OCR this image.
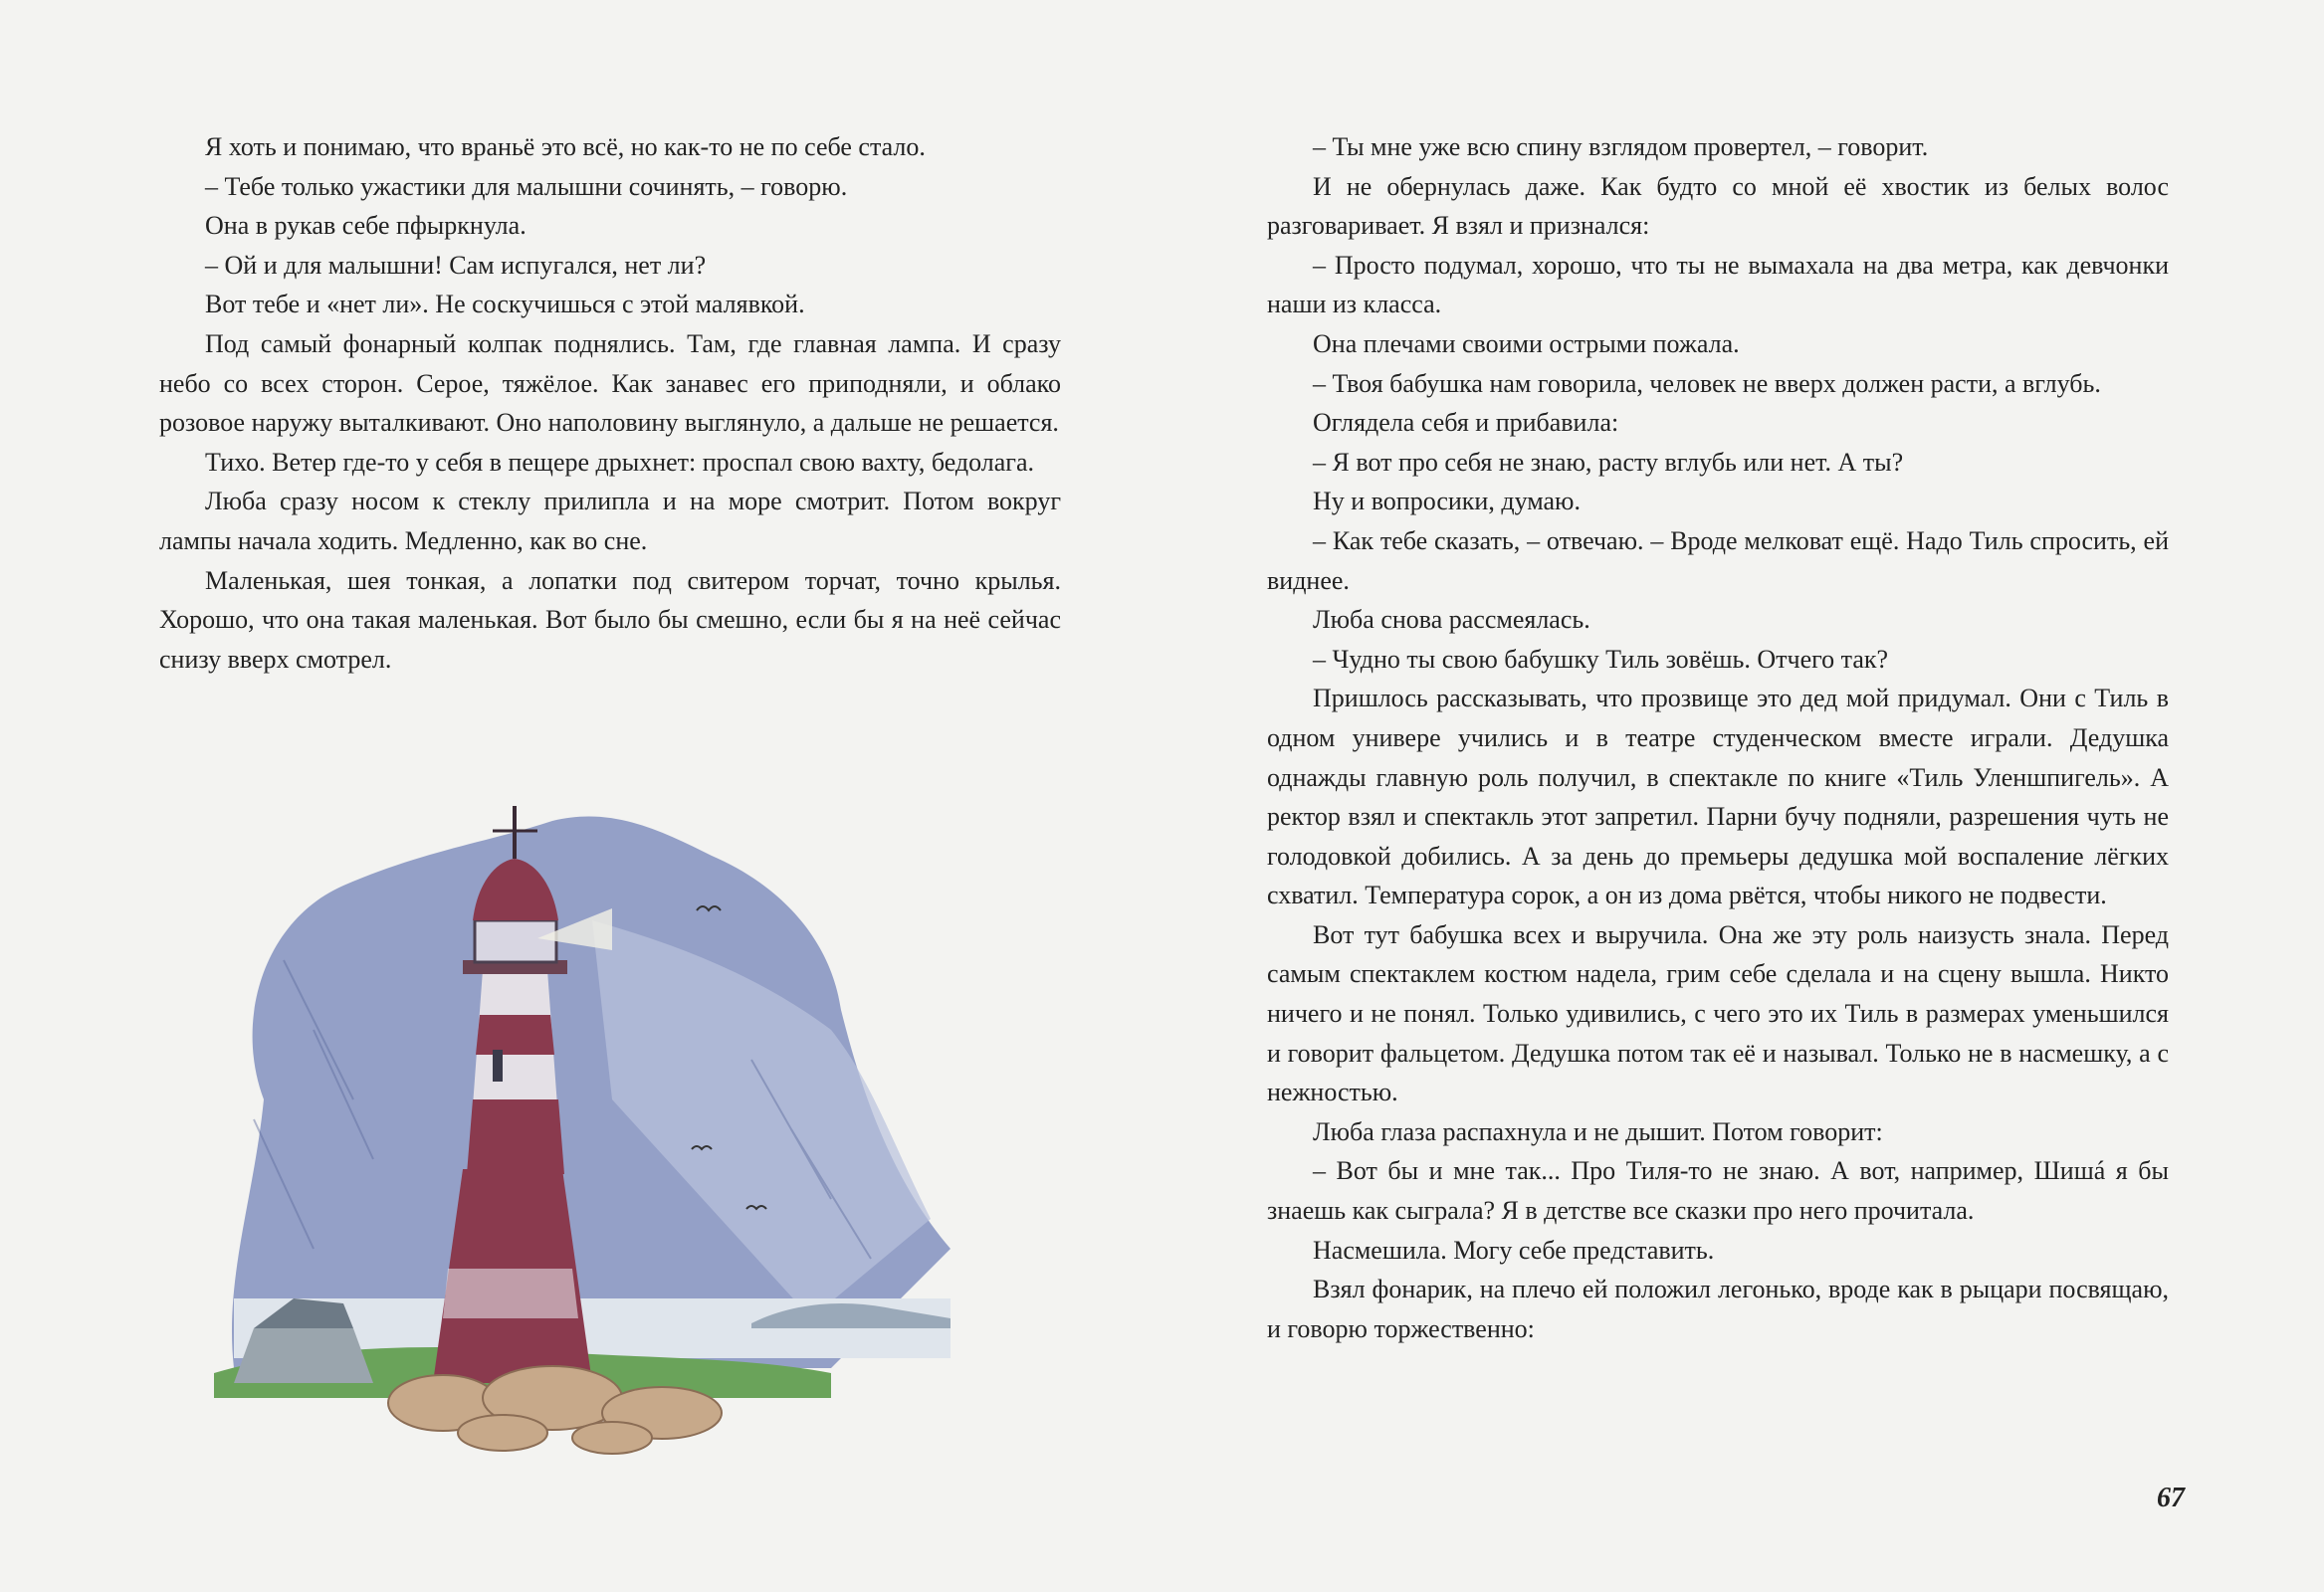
Я хоть и понимаю, что враньё это всё, но как-то не по себе стало.

– Тебе только ужастики для малышни сочинять, – говорю.

Она в рукав себе пфыркнула.

– Ой и для малышни! Сам испугался, нет ли?

Вот тебе и «нет ли». Не соскучишься с этой малявкой.

Под самый фонарный колпак поднялись. Там, где главная лампа. И сразу небо со всех сторон. Серое, тяжёлое. Как занавес его приподняли, и облако розовое наружу выталкивают. Оно наполовину выглянуло, а дальше не решается.

Тихо. Ветер где-то у себя в пещере дрыхнет: проспал свою вахту, бедолага.

Люба сразу носом к стеклу прилипла и на море смотрит. Потом вокруг лампы начала ходить. Медленно, как во сне.

Маленькая, шея тонкая, а лопатки под свитером торчат, точно крылья. Хорошо, что она такая маленькая. Вот было бы смешно, если бы я на неё сейчас снизу вверх смотрел.

– Ты мне уже всю спину взглядом провертел, – говорит.

И не обернулась даже. Как будто со мной её хвостик из белых волос разговаривает. Я взял и признался:

– Просто подумал, хорошо, что ты не вымахала на два метра, как девчонки наши из класса.

Она плечами своими острыми пожала.

– Твоя бабушка нам говорила, человек не вверх должен расти, а вглубь.

Оглядела себя и прибавила:

– Я вот про себя не знаю, расту вглубь или нет. А ты?

Ну и вопросики, думаю.

– Как тебе сказать, – отвечаю. – Вроде мелковат ещё. Надо Тиль спросить, ей виднее.

Люба снова рассмеялась.

– Чудно ты свою бабушку Тиль зовёшь. Отчего так?

Пришлось рассказывать, что прозвище это дед мой придумал. Они с Тиль в одном универе учились и в театре студенческом вместе играли. Дедушка однажды главную роль получил, в спектакле по книге «Тиль Уленшпигель». А ректор взял и спектакль этот запретил. Парни бучу подняли, разрешения чуть не голодовкой добились. А за день до премьеры дедушка мой воспаление лёгких схватил. Температура сорок, а он из дома рвётся, чтобы никого не подвести.

Вот тут бабушка всех и выручила. Она же эту роль наизусть знала. Перед самым спектаклем костюм надела, грим себе сделала и на сцену вышла. Никто ничего и не понял. Только удивились, с чего это их Тиль в размерах уменьшился и говорит фальцетом. Дедушка потом так её и называл. Только не в насмешку, а с нежностью.

Люба глаза распахнула и не дышит. Потом говорит:

– Вот бы и мне так... Про Тиля-то не знаю. А вот, например, Шишá я бы знаешь как сыграла? Я в детстве все сказки про него прочитала.

Насмешила. Могу себе представить.

Взял фонарик, на плечо ей положил легонько, вроде как в рыцари посвящаю, и говорю торжественно:

67
